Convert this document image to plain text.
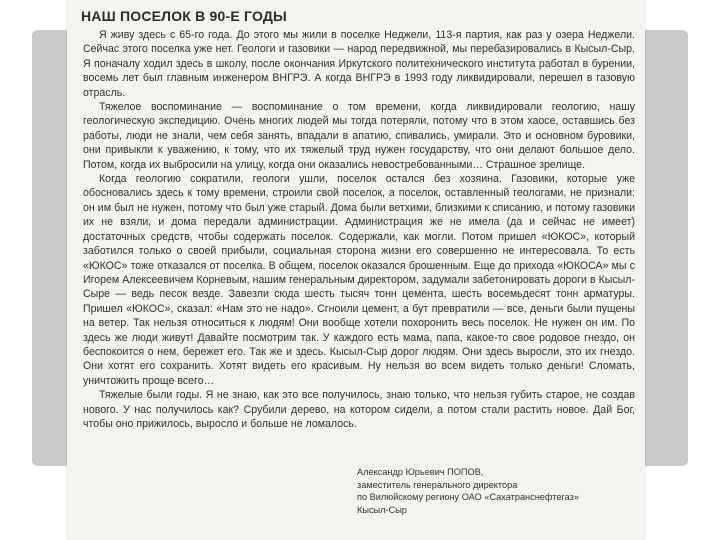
НАШ ПОСЕЛОК В 90-Е ГОДЫ

Я живу здесь с 65-го года. До этого мы жили в поселке Неджели, 113-я партия, как раз у озера Неджели. Сейчас этого поселка уже нет. Геологи и газовики — народ передвижной, мы перебазировались в Кысыл-Сыр. Я поначалу ходил здесь в школу, после окончания Иркутского политехнического института работал в бурении, восемь лет был главным инженером ВНГРЭ. А когда ВНГРЭ в 1993 году ликвидировали, перешел в газовую отрасль.

Тяжелое воспоминание — воспоминание о том времени, когда ликвидировали геологию, нашу геологическую экспедицию. Очень многих людей мы тогда потеряли, потому что в этом хаосе, оставшись без работы, люди не знали, чем себя занять, впадали в апатию, спивались, умирали. Это и основном буровики, они привыкли к уважению, к тому, что их тяжелый труд нужен государству, что они делают большое дело. Потом, когда их выбросили на улицу, когда они оказались невостребованными… Страшное зрелище.

Когда геологию сократили, геологи ушли, поселок остался без хозяина. Газовики, которые уже обосновались здесь к тому времени, строили свой поселок, а поселок, оставленный геологами, не признали: он им был не нужен, потому что был уже старый. Дома были ветхими, близкими к списанию, и потому газовики их не взяли, и дома передали администрации. Администрация же не имела (да и сейчас не имеет) достаточных средств, чтобы содержать поселок. Содержали, как могли. Потом пришел «ЮКОС», который заботился только о своей прибыли, социальная сторона жизни его совершенно не интересовала. То есть «ЮКОС» тоже отказался от поселка. В общем, поселок оказался брошенным. Еще до прихода «ЮКОСА» мы с Игорем Алексеевичем Корневым, нашим генеральным директором, задумали забетонировать дороги в Кысыл-Сыре — ведь песок везде. Завезли сюда шесть тысяч тонн цемента, шесть восемьдесят тонн арматуры. Пришел «ЮКОС», сказал: «Нам это не надо». Сгноили цемент, а бут превратили — все, деньги были пущены на ветер. Так нельзя относиться к людям! Они вообще хотели похоронить весь поселок. Не нужен он им. По здесь же люди живут! Давайте посмотрим так. У каждого есть мама, папа, какое-то свое родовое гнездо, он беспокоится о нем, бережет его. Так же и здесь. Кысыл-Сыр дорог людям. Они здесь выросли, это их гнездо. Они хотят его сохранить. Хотят видеть его красивым. Ну нельзя во всем видеть только деньги! Сломать, уничтожить проще всего…

Тяжелые были годы. Я не знаю, как это все получилось, знаю только, что нельзя губить старое, не создав нового. У нас получилось как? Срубили дерево, на котором сидели, а потом стали растить новое. Дай Бог, чтобы оно прижилось, выросло и больше не ломалось.

Александр Юрьевич ПОПОВ,
заместитель генерального директора
по Вилюйскому региону ОАО «Сахатранснефтегаз»
Кысыл-Сыр
